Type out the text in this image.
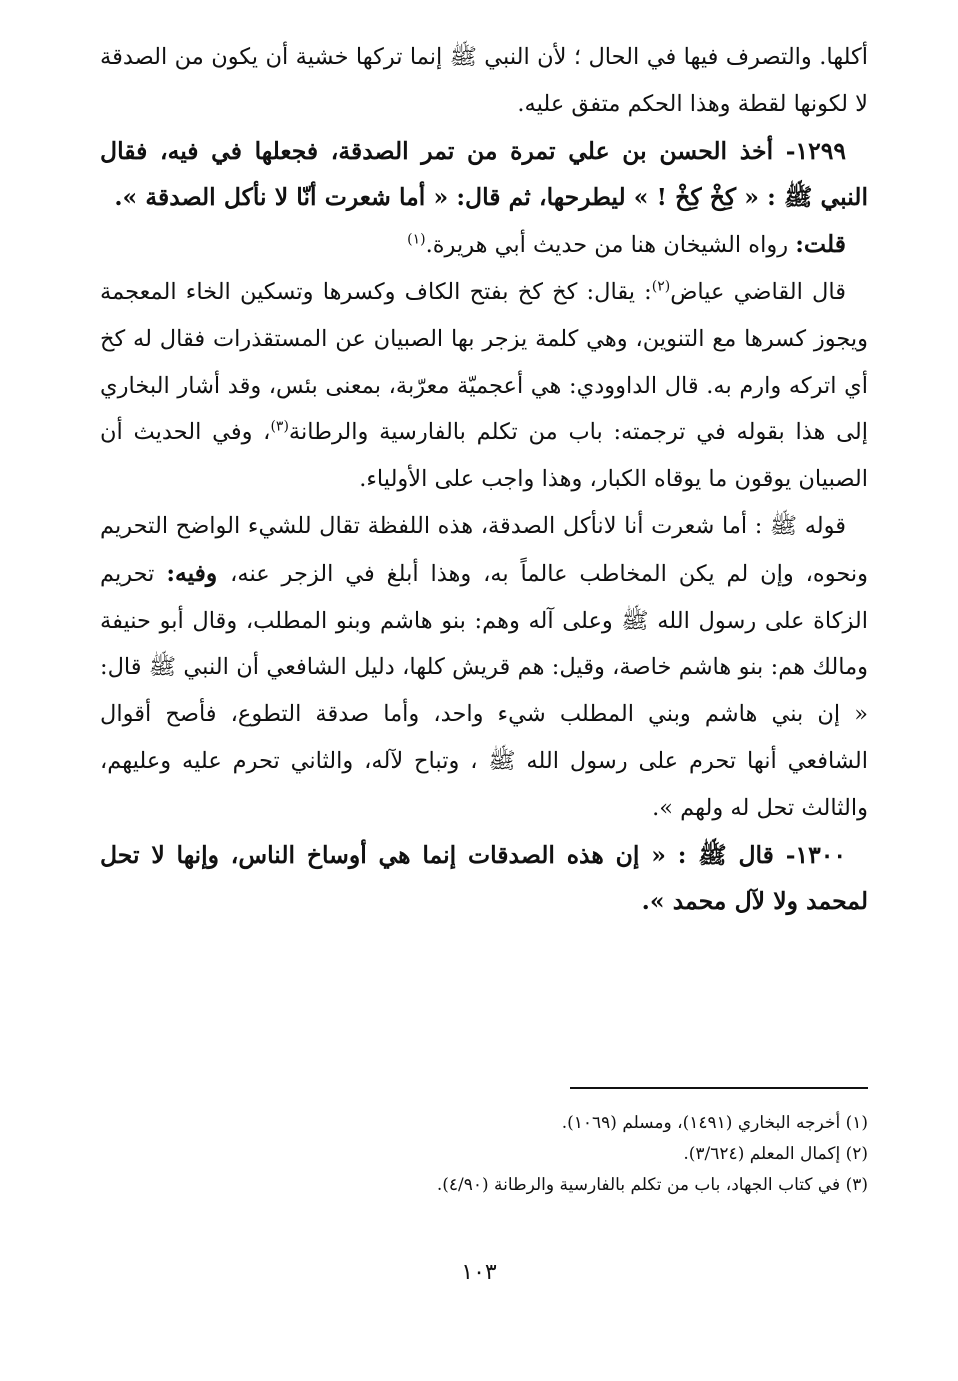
أكلها. والتصرف فيها في الحال ؛ لأن النبي ﷺ إنما تركها خشية أن يكون من الصدقة لا لكونها لقطة وهذا الحكم متفق عليه.

١٢٩٩- أخذ الحسن بن علي تمرة من تمر الصدقة، فجعلها في فيه، فقال النبي ﷺ : « كِخْ كِخْ ! » ليطرحها، ثم قال: « أما شعرت أنّا لا نأكل الصدقة ».

قلت: رواه الشيخان هنا من حديث أبي هريرة.$^{(١)}$

قال القاضي عياض$^{(٢)}$: يقال: كخ كخ بفتح الكاف وكسرها وتسكين الخاء المعجمة ويجوز كسرها مع التنوين، وهي كلمة يزجر بها الصبيان عن المستقذرات فقال له كخ أي اتركه وارم به. قال الداوودي: هي أعجميّة معرّبة، بمعنى بئس، وقد أشار البخاري إلى هذا بقوله في ترجمته: باب من تكلم بالفارسية والرطانة$^{(٣)}$، وفي الحديث أن الصبيان يوقون ما يوقاه الكبار، وهذا واجب على الأولياء.

قوله ﷺ : أما شعرت أنا لانأكل الصدقة، هذه اللفظة تقال للشيء الواضح التحريم ونحوه، وإن لم يكن المخاطب عالماً به، وهذا أبلغ في الزجر عنه، وفيه: تحريم الزكاة على رسول الله ﷺ وعلى آله وهم: بنو هاشم وبنو المطلب، وقال أبو حنيفة ومالك هم: بنو هاشم خاصة، وقيل: هم قريش كلها، دليل الشافعي أن النبي ﷺ قال: « إن بني هاشم وبني المطلب شيء واحد، وأما صدقة التطوع، فأصح أقوال الشافعي أنها تحرم على رسول الله ﷺ ، وتباح لآله، والثاني تحرم عليه وعليهم، والثالث تحل له ولهم ».

١٣٠٠- قال ﷺ : « إن هذه الصدقات إنما هي أوساخ الناس، وإنها لا تحل لمحمد ولا لآل محمد ».

(١) أخرجه البخاري (١٤٩١)، ومسلم (١٠٦٩).

(٢) إكمال المعلم (٣/٦٢٤).

(٣) في كتاب الجهاد، باب من تكلم بالفارسية والرطانة (٤/٩٠).

١٠٣
